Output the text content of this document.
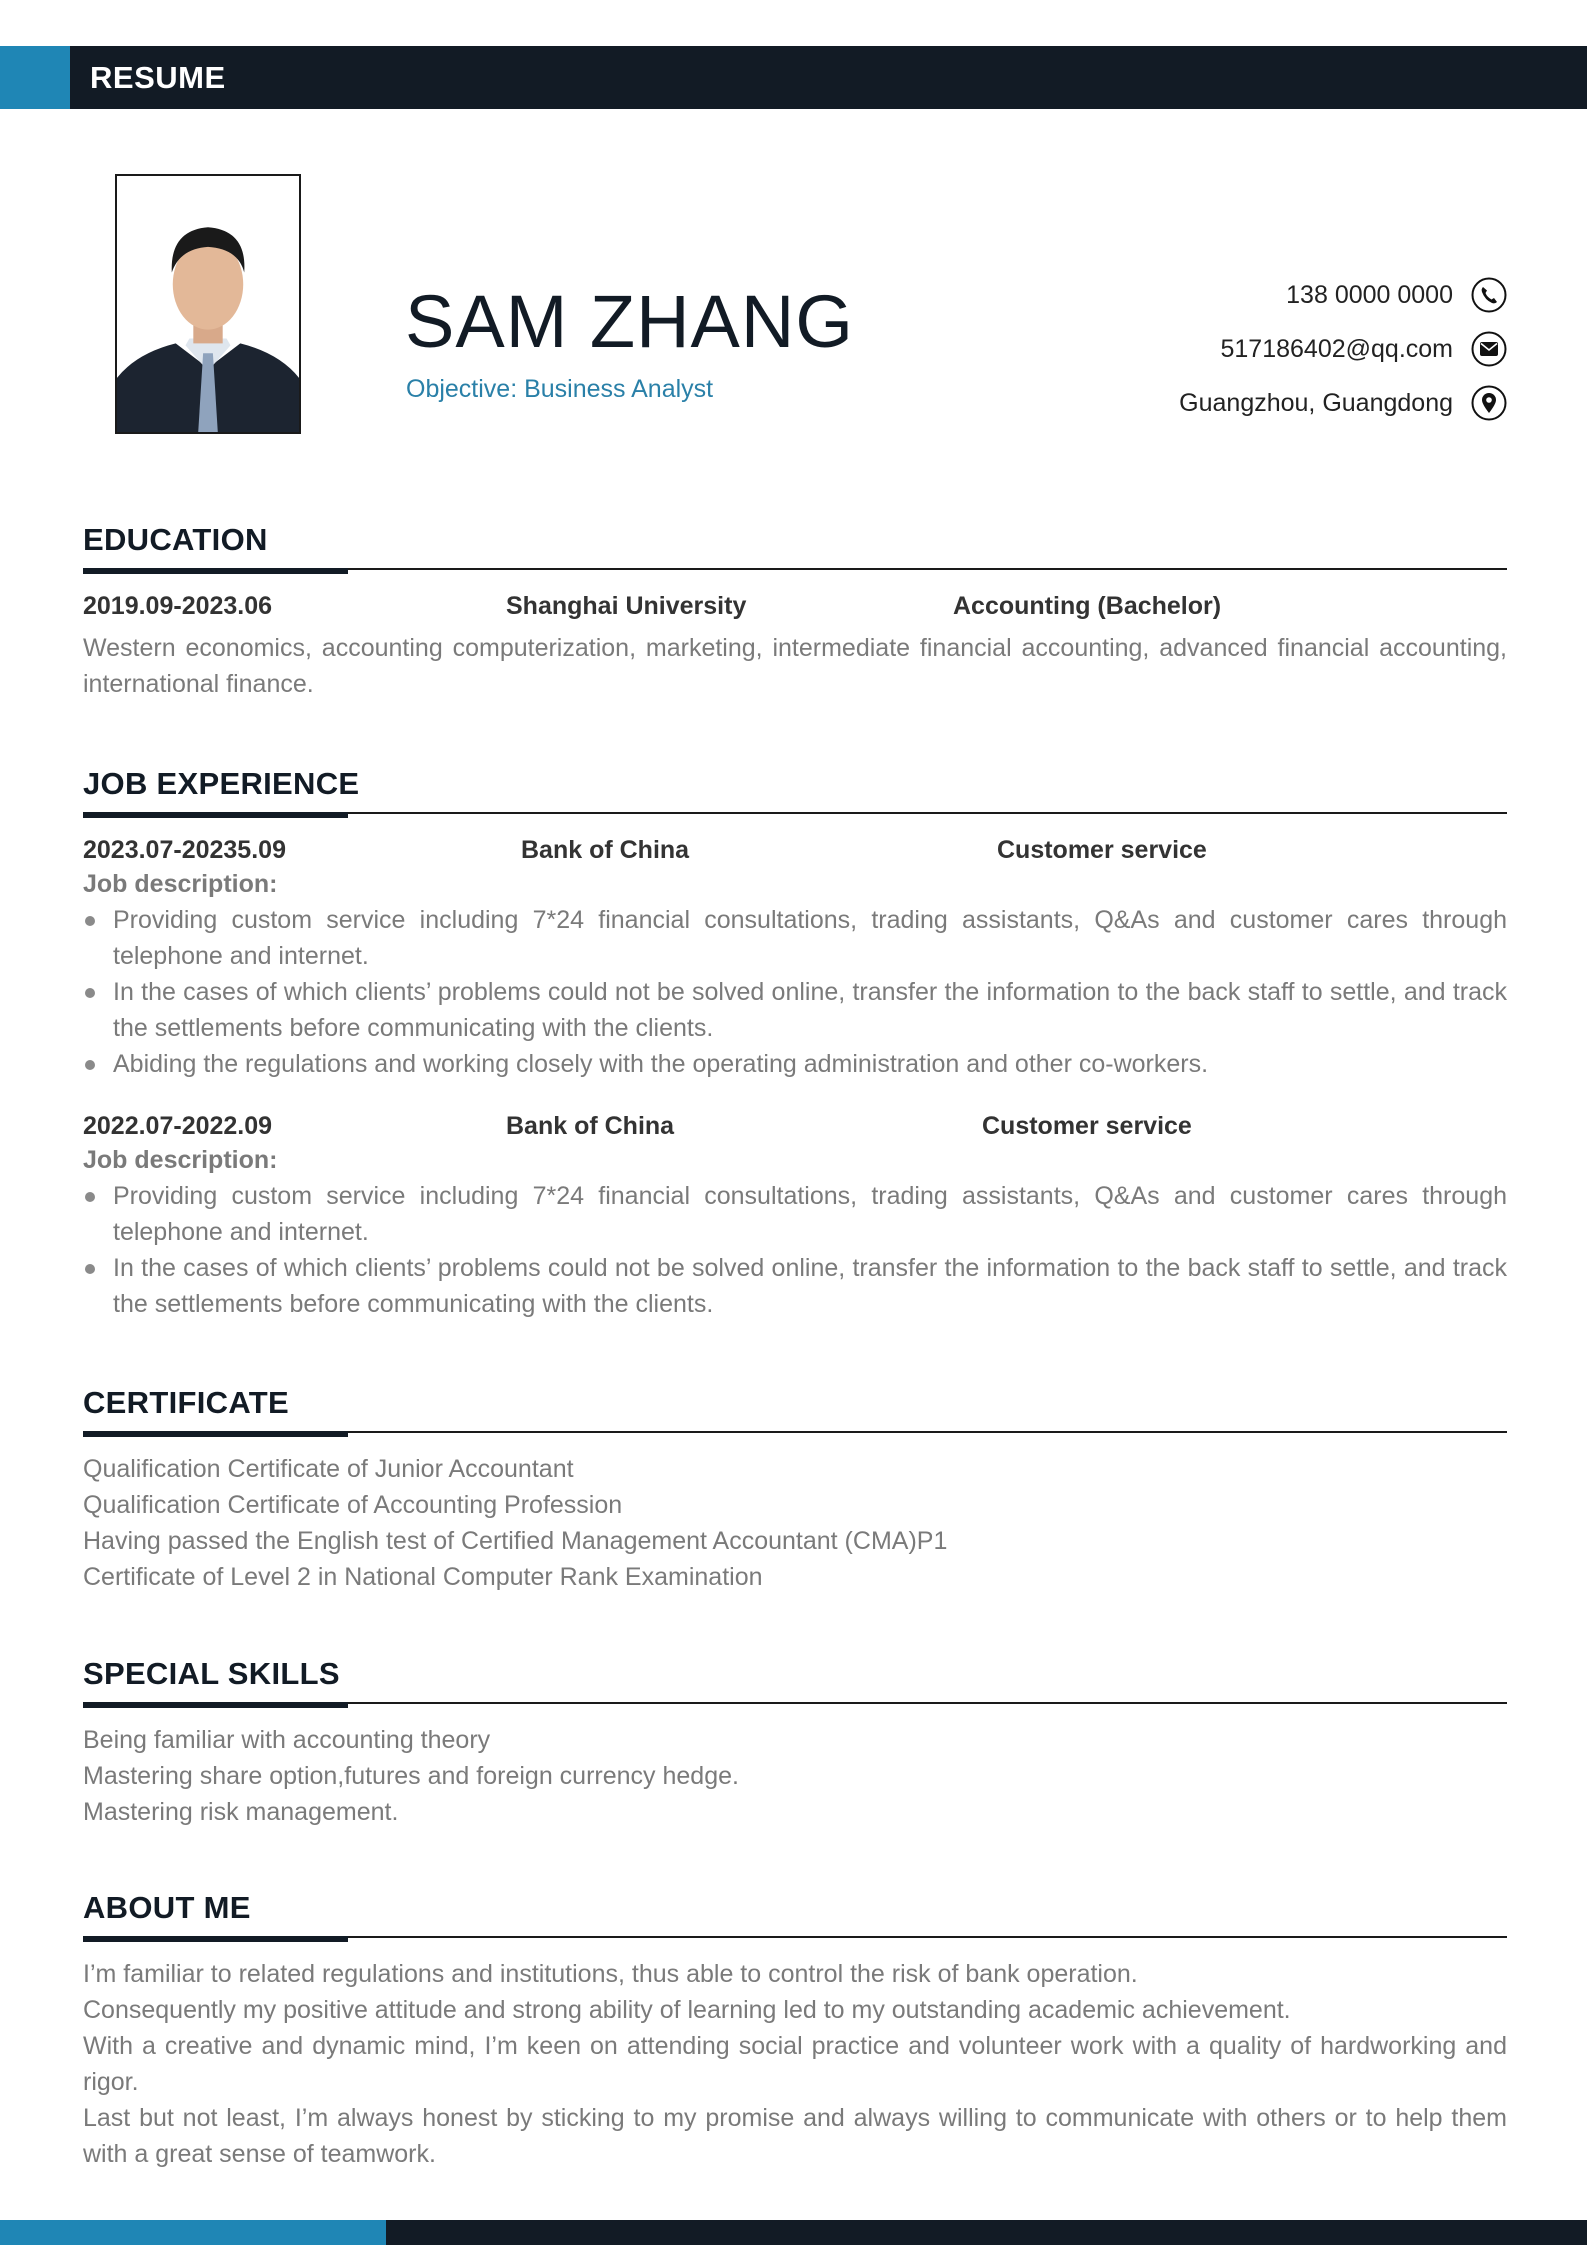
RESUME
SAM ZHANG
Objective: Business Analyst
138 0000 0000
517186402@qq.com
Guangzhou, Guangdong
EDUCATION
2019.09-2023.06	Shanghai University	Accounting (Bachelor)
Western economics, accounting computerization, marketing, intermediate financial accounting, advanced financial accounting, international finance.
JOB EXPERIENCE
2023.07-20235.09	Bank of China	Customer service
Job description:
Providing custom service including 7*24 financial consultations, trading assistants, Q&As and customer cares through telephone and internet.
In the cases of which clients’ problems could not be solved online, transfer the information to the back staff to settle, and track the settlements before communicating with the clients.
Abiding the regulations and working closely with the operating administration and other co-workers.
2022.07-2022.09	Bank of China	Customer service
Job description:
Providing custom service including 7*24 financial consultations, trading assistants, Q&As and customer cares through telephone and internet.
In the cases of which clients’ problems could not be solved online, transfer the information to the back staff to settle, and track the settlements before communicating with the clients.
CERTIFICATE
Qualification Certificate of Junior Accountant
Qualification Certificate of Accounting Profession
Having passed the English test of Certified Management Accountant (CMA)P1
Certificate of Level 2 in National Computer Rank Examination
SPECIAL SKILLS
Being familiar with accounting theory
Mastering share option,futures and foreign currency hedge.
Mastering risk management.
ABOUT ME
I’m familiar to related regulations and institutions, thus able to control the risk of bank operation.
Consequently my positive attitude and strong ability of learning led to my outstanding academic achievement.
With a creative and dynamic mind, I’m keen on attending social practice and volunteer work with a quality of hardworking and rigor.
Last but not least, I’m always honest by sticking to my promise and always willing to communicate with others or to help them with a great sense of teamwork.
